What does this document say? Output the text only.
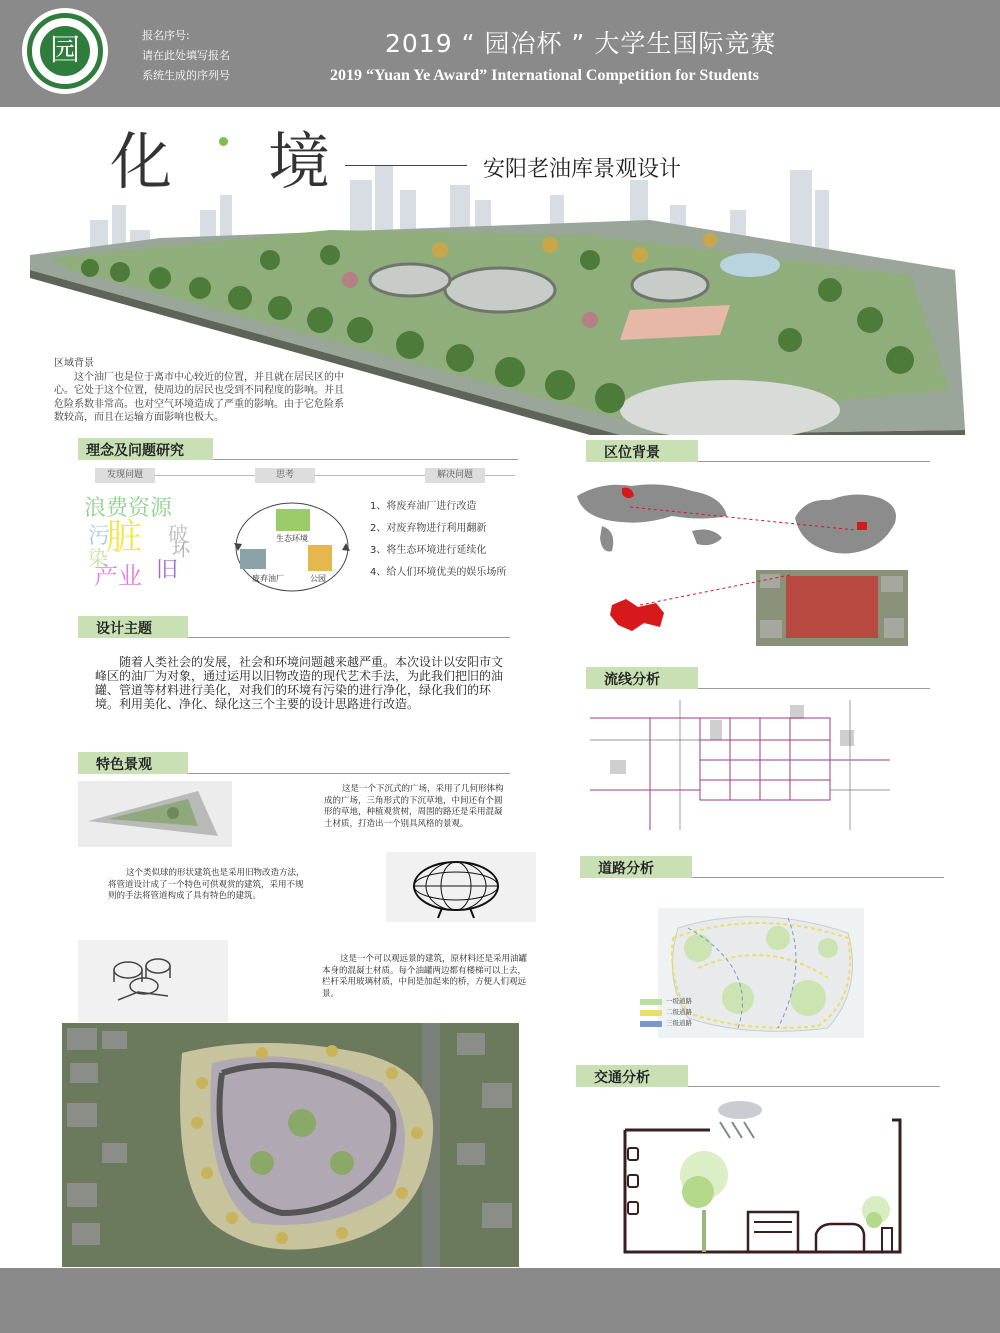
园	报名序号:
请在此处填写报名
系统生成的序列号
2019 “ 园冶杯 ” 大学生国际竞赛
2019 “Yuan Ye Award” International Competition for Students
化 境	安阳老油库景观设计
区域背景
这个油厂也是位于离市中心较近的位置，并且就在居民区的中心。它处于这个位置，使周边的居民也受到不同程度的影响。并且危险系数非常高。也对空气环境造成了严重的影响。由于它危险系数较高，而且在运输方面影响也极大。
理念及问题研究
发现问题	思考	解决问题
浪费资源
污
脏 破
旧
坏
染
产业
生态环境
废弃油厂	公园
1、将废弃油厂进行改造
2、对废弃物进行利用翻新
3、将生态环境进行延续化
4、给人们环境优美的娱乐场所
设计主题
随着人类社会的发展，社会和环境问题越来越严重。本次设计以安阳市文峰区的油厂为对象，通过运用以旧物改造的现代艺术手法，为此我们把旧的油罐、管道等材料进行美化，对我们的环境有污染的进行净化，绿化我们的环境。利用美化、净化、绿化这三个主要的设计思路进行改造。
特色景观
这是一个下沉式的广场，采用了几何形体构成的广场，三角形式的下沉草地，中间还有个圆形的草地，种植观赏树，周围的路还是采用混凝土材质，打造出一个别具风格的景观。
这个类似球的形状建筑也是采用旧物改造方法，将管道设计成了一个特色可供观赏的建筑，采用不规则的手法将管道构成了具有特色的建筑。
这是一个可以观远景的建筑，原材料还是采用油罐本身的混凝土材质。每个油罐两边都有楼梯可以上去，栏杆采用玻璃材质，中间是加起来的桥，方便人们观远景。
区位背景
流线分析
道路分析
一级道路
二级道路
三级道路
交通分析
